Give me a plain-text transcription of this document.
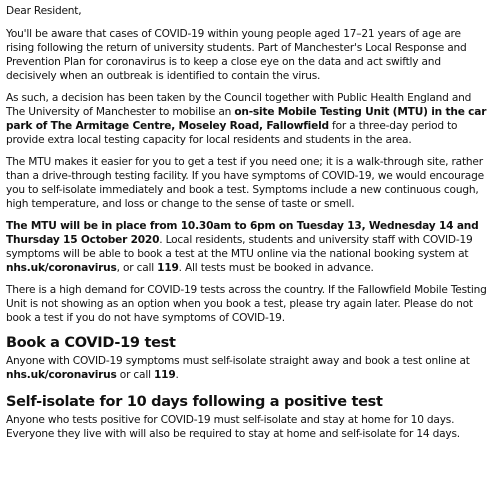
Dear Resident,

You'll be aware that cases of COVID-19 within young people aged 17–21 years of age are rising following the return of university students. Part of Manchester's Local Response and Prevention Plan for coronavirus is to keep a close eye on the data and act swiftly and decisively when an outbreak is identified to contain the virus.

As such, a decision has been taken by the Council together with Public Health England and The University of Manchester to mobilise an on-site Mobile Testing Unit (MTU) in the car park of The Armitage Centre, Moseley Road, Fallowfield for a three-day period to provide extra local testing capacity for local residents and students in the area.

The MTU makes it easier for you to get a test if you need one; it is a walk-through site, rather than a drive-through testing facility. If you have symptoms of COVID-19, we would encourage you to self-isolate immediately and book a test. Symptoms include a new continuous cough, high temperature, and loss or change to the sense of taste or smell.

The MTU will be in place from 10.30am to 6pm on Tuesday 13, Wednesday 14 and Thursday 15 October 2020. Local residents, students and university staff with COVID-19 symptoms will be able to book a test at the MTU online via the national booking system at nhs.uk/coronavirus, or call 119. All tests must be booked in advance.

There is a high demand for COVID-19 tests across the country. If the Fallowfield Mobile Testing Unit is not showing as an option when you book a test, please try again later. Please do not book a test if you do not have symptoms of COVID-19.

Book a COVID-19 test

Anyone with COVID-19 symptoms must self-isolate straight away and book a test online at nhs.uk/coronavirus or call 119.

Self-isolate for 10 days following a positive test

Anyone who tests positive for COVID-19 must self-isolate and stay at home for 10 days. Everyone they live with will also be required to stay at home and self-isolate for 14 days.
